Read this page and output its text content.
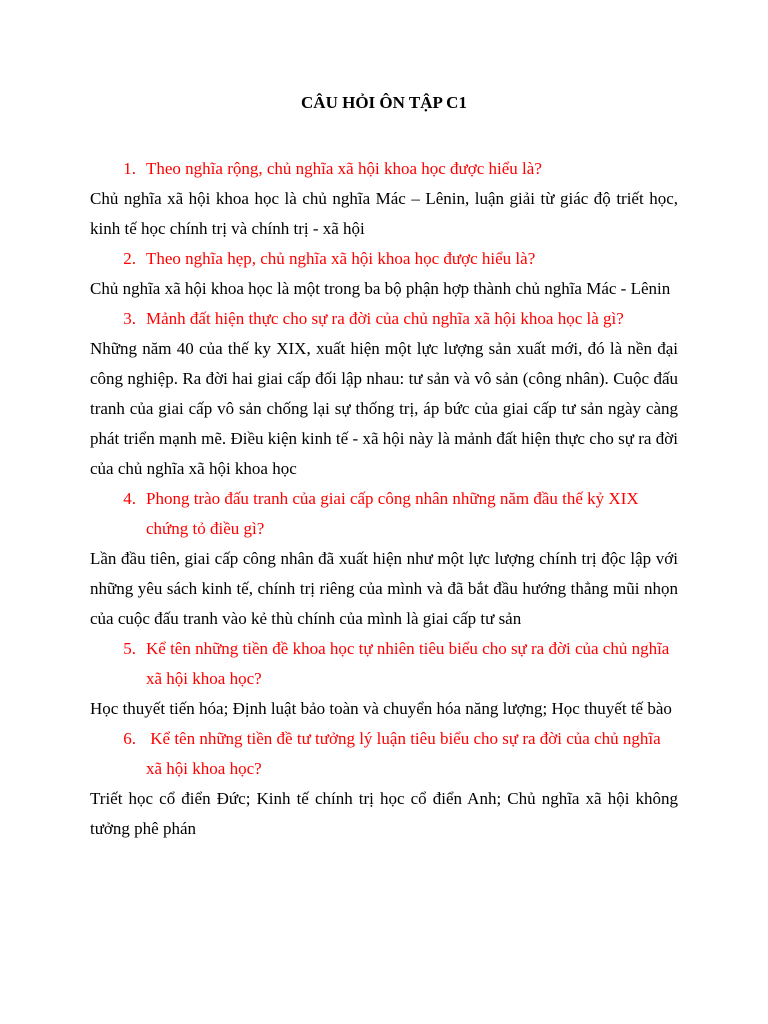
CÂU HỎI ÔN TẬP C1
1. Theo nghĩa rộng, chủ nghĩa xã hội khoa học được hiểu là?

Chủ nghĩa xã hội khoa học là chủ nghĩa Mác – Lênin, luận giải từ giác độ triết học, kinh tế học chính trị và chính trị - xã hội

2. Theo nghĩa hẹp, chủ nghĩa xã hội khoa học được hiểu là?

Chủ nghĩa xã hội khoa học là một trong ba bộ phận hợp thành chủ nghĩa Mác - Lênin

3. Mảnh đất hiện thực cho sự ra đời của chủ nghĩa xã hội khoa học là gì?

Những năm 40 của thế ky XIX, xuất hiện một lực lượng sản xuất mới, đó là nền đại công nghiệp. Ra đời hai giai cấp đối lập nhau: tư sản và vô sản (công nhân). Cuộc đấu tranh của giai cấp vô sản chống lại sự thống trị, áp bức của giai cấp tư sản ngày càng phát triển mạnh mẽ. Điều kiện kinh tế - xã hội này là mảnh đất hiện thực cho sự ra đời của chủ nghĩa xã hội khoa học

4. Phong trào đấu tranh của giai cấp công nhân những năm đầu thế kỷ XIX chứng tỏ điều gì?

Lần đầu tiên, giai cấp công nhân đã xuất hiện như một lực lượng chính trị độc lập với những yêu sách kinh tế, chính trị riêng của mình và đã bắt đầu hướng thẳng mũi nhọn của cuộc đấu tranh vào kẻ thù chính của mình là giai cấp tư sản

5. Kể tên những tiền đề khoa học tự nhiên tiêu biểu cho sự ra đời của chủ nghĩa xã hội khoa học?

Học thuyết tiến hóa; Định luật bảo toàn và chuyển hóa năng lượng; Học thuyết tế bào

6. Kể tên những tiền đề tư tưởng lý luận tiêu biểu cho sự ra đời của chủ nghĩa xã hội khoa học?

Triết học cổ điển Đức; Kinh tế chính trị học cổ điển Anh; Chủ nghĩa xã hội không tưởng phê phán
